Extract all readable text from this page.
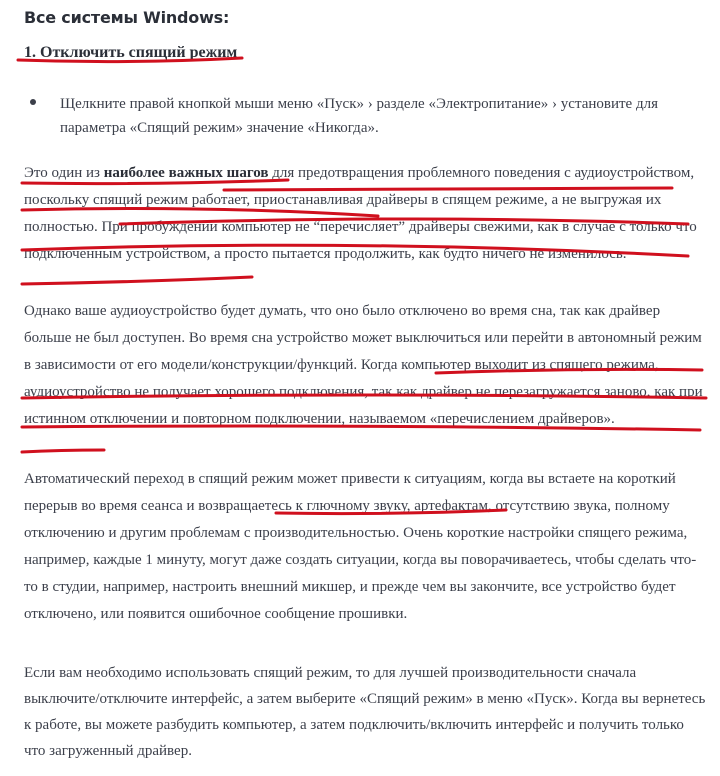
Все системы Windows:
1. Отключить спящий режим
Щелкните правой кнопкой мыши меню «Пуск» › разделе «Электропитание» › установите для параметра «Спящий режим» значение «Никогда».

Это один из наиболее важных шагов для предотвращения проблемного поведения с аудиоустройством, поскольку спящий режим работает, приостанавливая драйверы в спящем режиме, а не выгружая их полностью. При пробуждении компьютер не “перечисляет” драйверы свежими, как в случае с только что подключенным устройством, а просто пытается продолжить, как будто ничего не изменилось.

Однако ваше аудиоустройство будет думать, что оно было отключено во время сна, так как драйвер больше не был доступен. Во время сна устройство может выключиться или перейти в автономный режим в зависимости от его модели/конструкции/функций. Когда компьютер выходит из спящего режима, аудиоустройство не получает хорошего подключения, так как драйвер не перезагружается заново, как при истинном отключении и повторном подключении, называемом «перечислением драйверов».

Автоматический переход в спящий режим может привести к ситуациям, когда вы встаете на короткий перерыв во время сеанса и возвращаетесь к глючному звуку, артефактам, отсутствию звука, полному отключению и другим проблемам с производительностью. Очень короткие настройки спящего режима, например, каждые 1 минуту, могут даже создать ситуации, когда вы поворачиваетесь, чтобы сделать что-то в студии, например, настроить внешний микшер, и прежде чем вы закончите, все устройство будет отключено, или появится ошибочное сообщение прошивки.

Если вам необходимо использовать спящий режим, то для лучшей производительности сначала выключите/отключите интерфейс, а затем выберите «Спящий режим» в меню «Пуск». Когда вы вернетесь к работе, вы можете разбудить компьютер, а затем подключить/включить интерфейс и получить только что загруженный драйвер.
